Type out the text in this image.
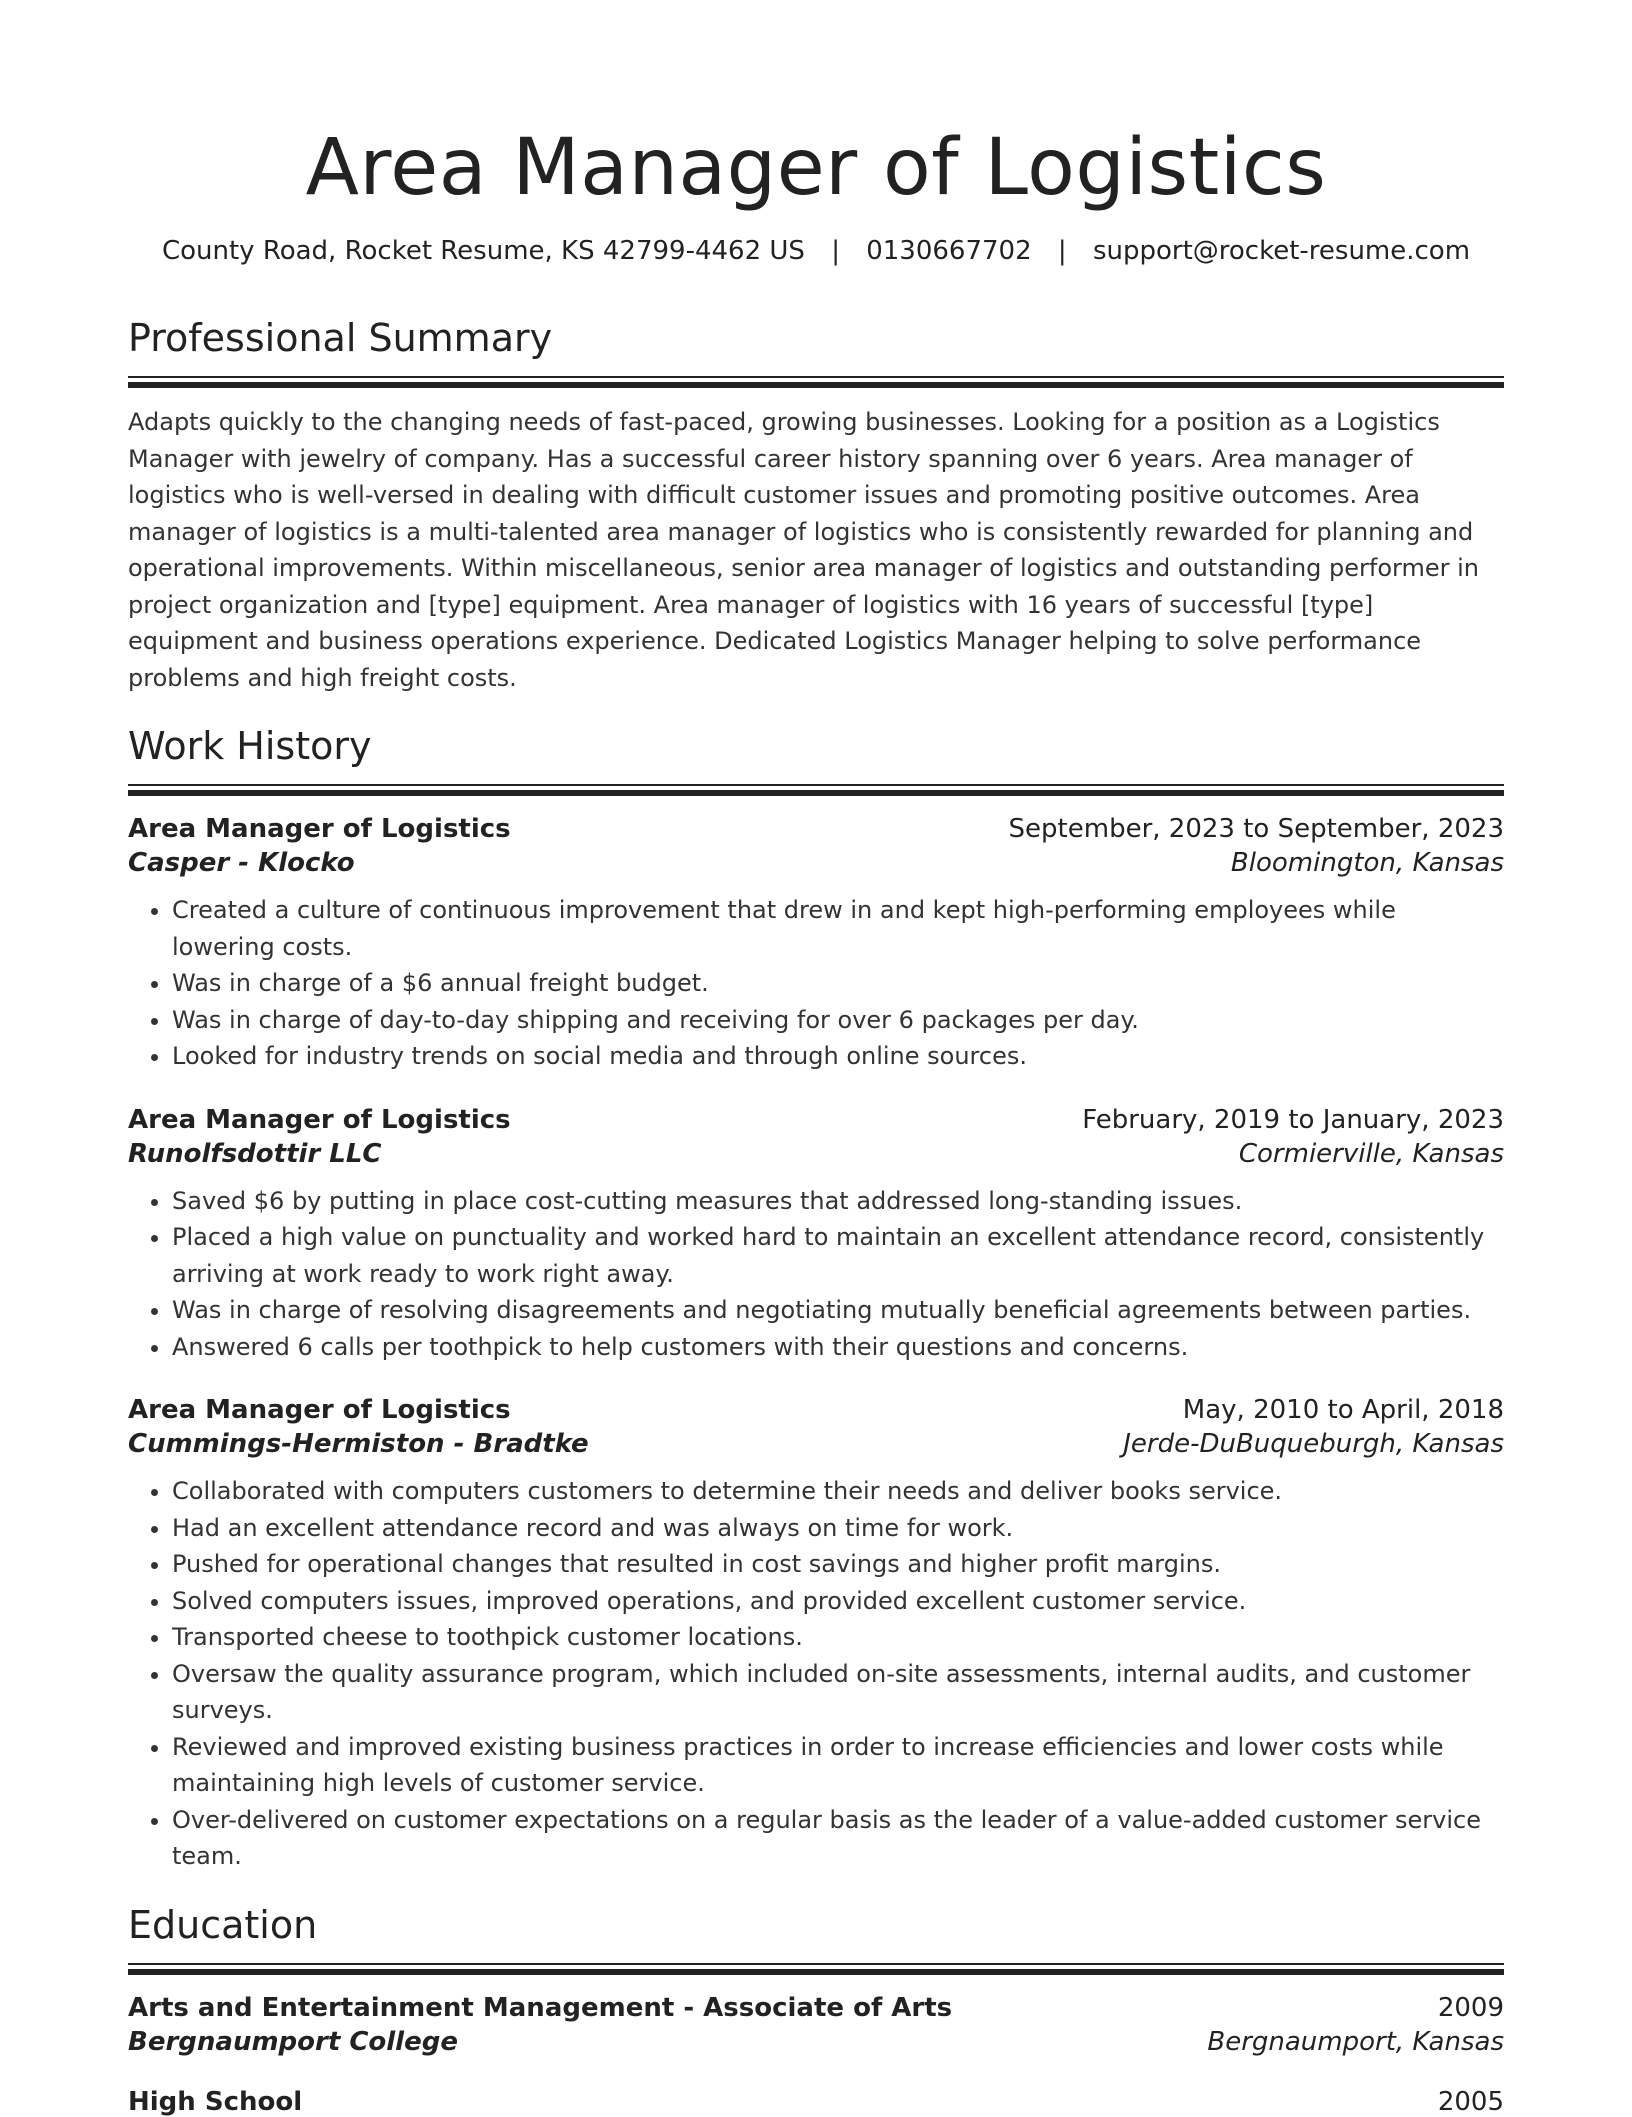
Area Manager of Logistics
County Road, Rocket Resume, KS 42799-4462 US | 0130667702 | support@rocket-resume.com
Professional Summary
Adapts quickly to the changing needs of fast-paced, growing businesses. Looking for a position as a Logistics Manager with jewelry of company. Has a successful career history spanning over 6 years. Area manager of logistics who is well-versed in dealing with difficult customer issues and promoting positive outcomes. Area manager of logistics is a multi-talented area manager of logistics who is consistently rewarded for planning and operational improvements. Within miscellaneous, senior area manager of logistics and outstanding performer in project organization and [type] equipment. Area manager of logistics with 16 years of successful [type] equipment and business operations experience. Dedicated Logistics Manager helping to solve performance problems and high freight costs.
Work History
Area Manager of Logistics	September, 2023 to September, 2023
Casper - Klocko	Bloomington, Kansas
• Created a culture of continuous improvement that drew in and kept high-performing employees while lowering costs.
• Was in charge of a $6 annual freight budget.
• Was in charge of day-to-day shipping and receiving for over 6 packages per day.
• Looked for industry trends on social media and through online sources.
Area Manager of Logistics	February, 2019 to January, 2023
Runolfsdottir LLC	Cormierville, Kansas
• Saved $6 by putting in place cost-cutting measures that addressed long-standing issues.
• Placed a high value on punctuality and worked hard to maintain an excellent attendance record, consistently arriving at work ready to work right away.
• Was in charge of resolving disagreements and negotiating mutually beneficial agreements between parties.
• Answered 6 calls per toothpick to help customers with their questions and concerns.
Area Manager of Logistics	May, 2010 to April, 2018
Cummings-Hermiston - Bradtke	Jerde-DuBuqueburgh, Kansas
• Collaborated with computers customers to determine their needs and deliver books service.
• Had an excellent attendance record and was always on time for work.
• Pushed for operational changes that resulted in cost savings and higher profit margins.
• Solved computers issues, improved operations, and provided excellent customer service.
• Transported cheese to toothpick customer locations.
• Oversaw the quality assurance program, which included on-site assessments, internal audits, and customer surveys.
• Reviewed and improved existing business practices in order to increase efficiencies and lower costs while maintaining high levels of customer service.
• Over-delivered on customer expectations on a regular basis as the leader of a value-added customer service team.
Education
Arts and Entertainment Management - Associate of Arts	2009
Bergnaumport College	Bergnaumport, Kansas
High School	2005
